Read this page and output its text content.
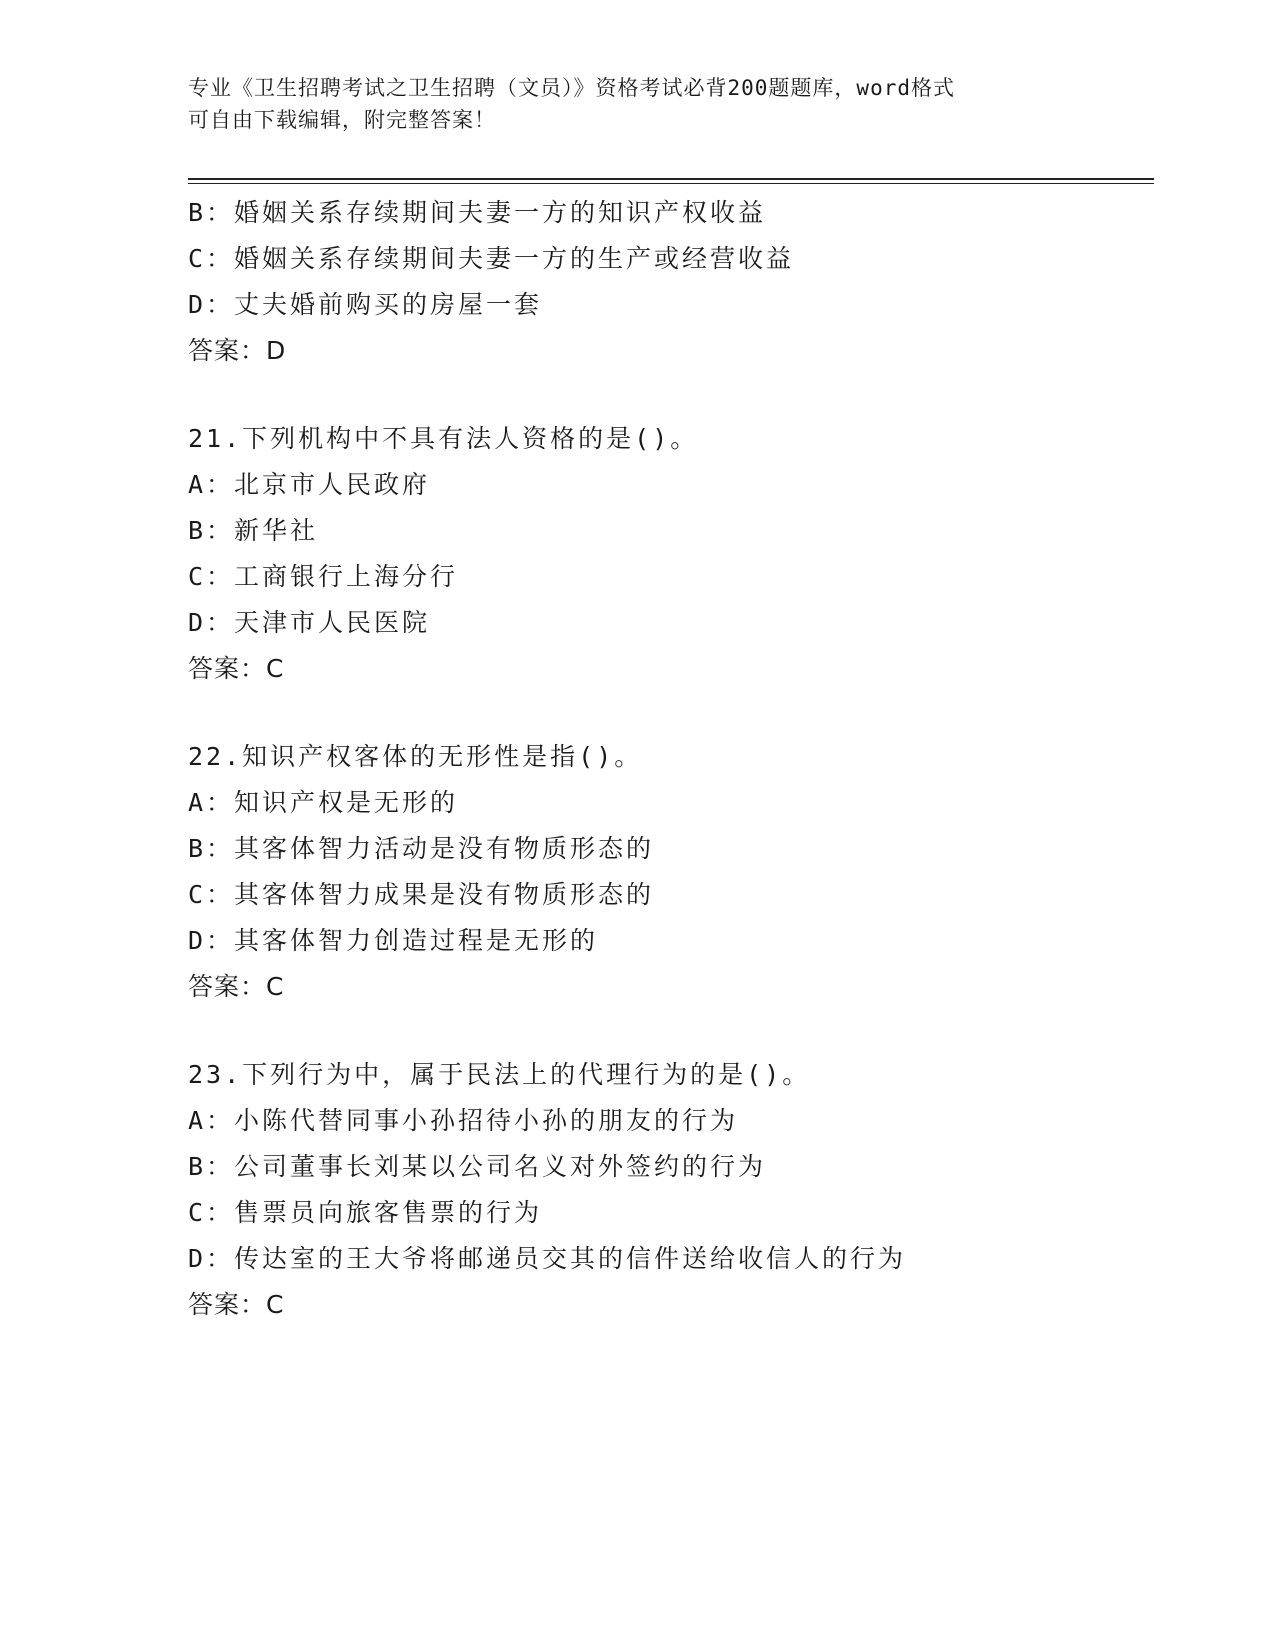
专业《卫生招聘考试之卫生招聘（文员）》资格考试必背200题题库，word格式
可自由下载编辑，附完整答案！
B：婚姻关系存续期间夫妻一方的知识产权收益
C：婚姻关系存续期间夫妻一方的生产或经营收益
D：丈夫婚前购买的房屋一套
答案：D
21.下列机构中不具有法人资格的是()。
A：北京市人民政府
B：新华社
C：工商银行上海分行
D：天津市人民医院
答案：C
22.知识产权客体的无形性是指()。
A：知识产权是无形的
B：其客体智力活动是没有物质形态的
C：其客体智力成果是没有物质形态的
D：其客体智力创造过程是无形的
答案：C
23.下列行为中，属于民法上的代理行为的是()。
A：小陈代替同事小孙招待小孙的朋友的行为
B：公司董事长刘某以公司名义对外签约的行为
C：售票员向旅客售票的行为
D：传达室的王大爷将邮递员交其的信件送给收信人的行为
答案：C
